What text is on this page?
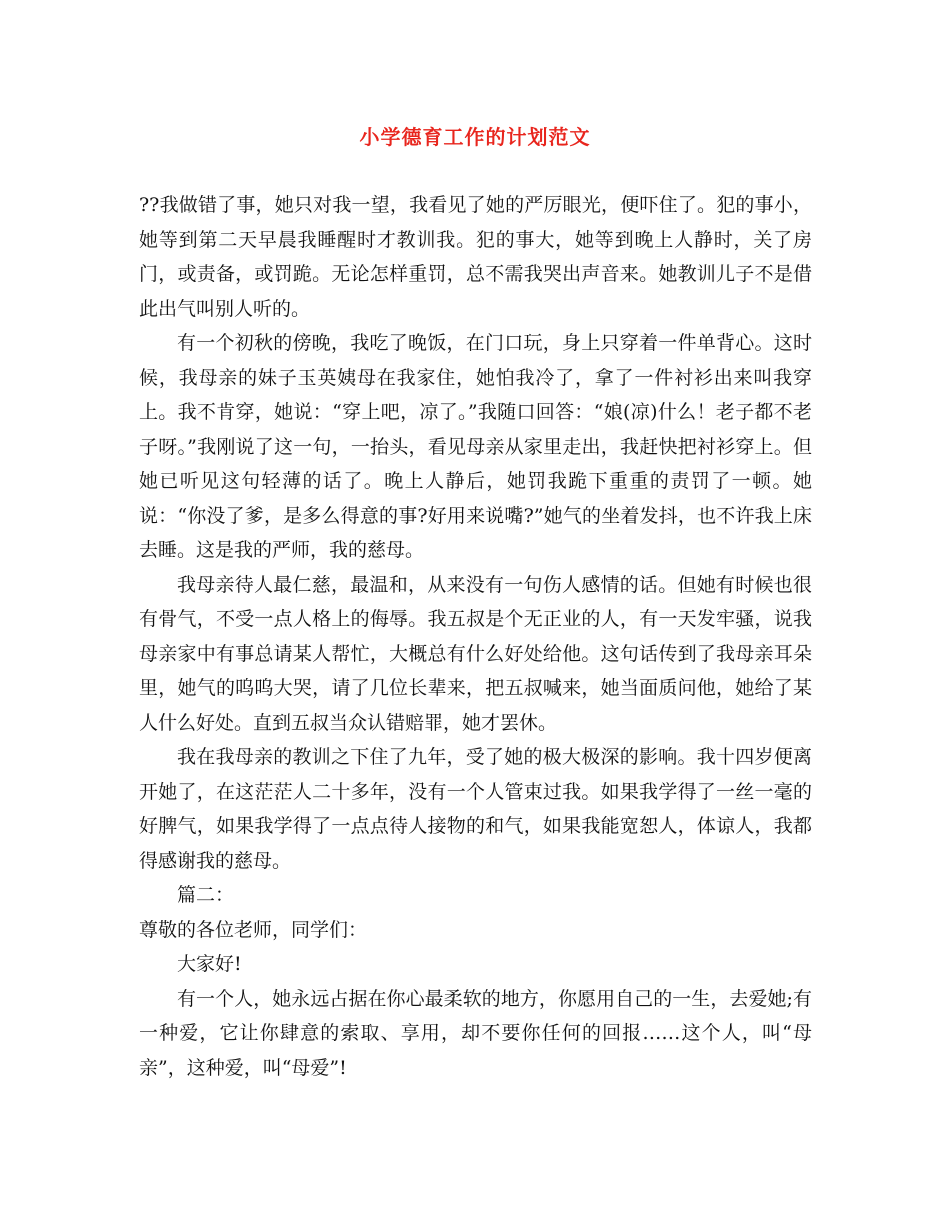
小学德育工作的计划范文

??我做错了事，她只对我一望，我看见了她的严厉眼光，便吓住了。犯的事小，她等到第二天早晨我睡醒时才教训我。犯的事大，她等到晚上人静时，关了房门，或责备，或罚跪。无论怎样重罚，总不需我哭出声音来。她教训儿子不是借此出气叫别人听的。

有一个初秋的傍晚，我吃了晚饭，在门口玩，身上只穿着一件单背心。这时候，我母亲的妹子玉英姨母在我家住，她怕我冷了，拿了一件衬衫出来叫我穿上。我不肯穿，她说：“穿上吧，凉了。”我随口回答：“娘(凉)什么！老子都不老子呀。”我刚说了这一句，一抬头，看见母亲从家里走出，我赶快把衬衫穿上。但她已听见这句轻薄的话了。晚上人静后，她罚我跪下重重的责罚了一顿。她说：“你没了爹，是多么得意的事?好用来说嘴?”她气的坐着发抖，也不许我上床去睡。这是我的严师，我的慈母。

我母亲待人最仁慈，最温和，从来没有一句伤人感情的话。但她有时候也很有骨气，不受一点人格上的侮辱。我五叔是个无正业的人，有一天发牢骚，说我母亲家中有事总请某人帮忙，大概总有什么好处给他。这句话传到了我母亲耳朵里，她气的呜呜大哭，请了几位长辈来，把五叔喊来，她当面质问他，她给了某人什么好处。直到五叔当众认错赔罪，她才罢休。

我在我母亲的教训之下住了九年，受了她的极大极深的影响。我十四岁便离开她了，在这茫茫人二十多年，没有一个人管束过我。如果我学得了一丝一毫的好脾气，如果我学得了一点点待人接物的和气，如果我能宽恕人，体谅人，我都得感谢我的慈母。

篇二：

尊敬的各位老师，同学们：

大家好!

有一个人，她永远占据在你心最柔软的地方，你愿用自己的一生，去爱她;有一种爱，它让你肆意的索取、享用，却不要你任何的回报……这个人，叫“母亲”，这种爱，叫“母爱”!
